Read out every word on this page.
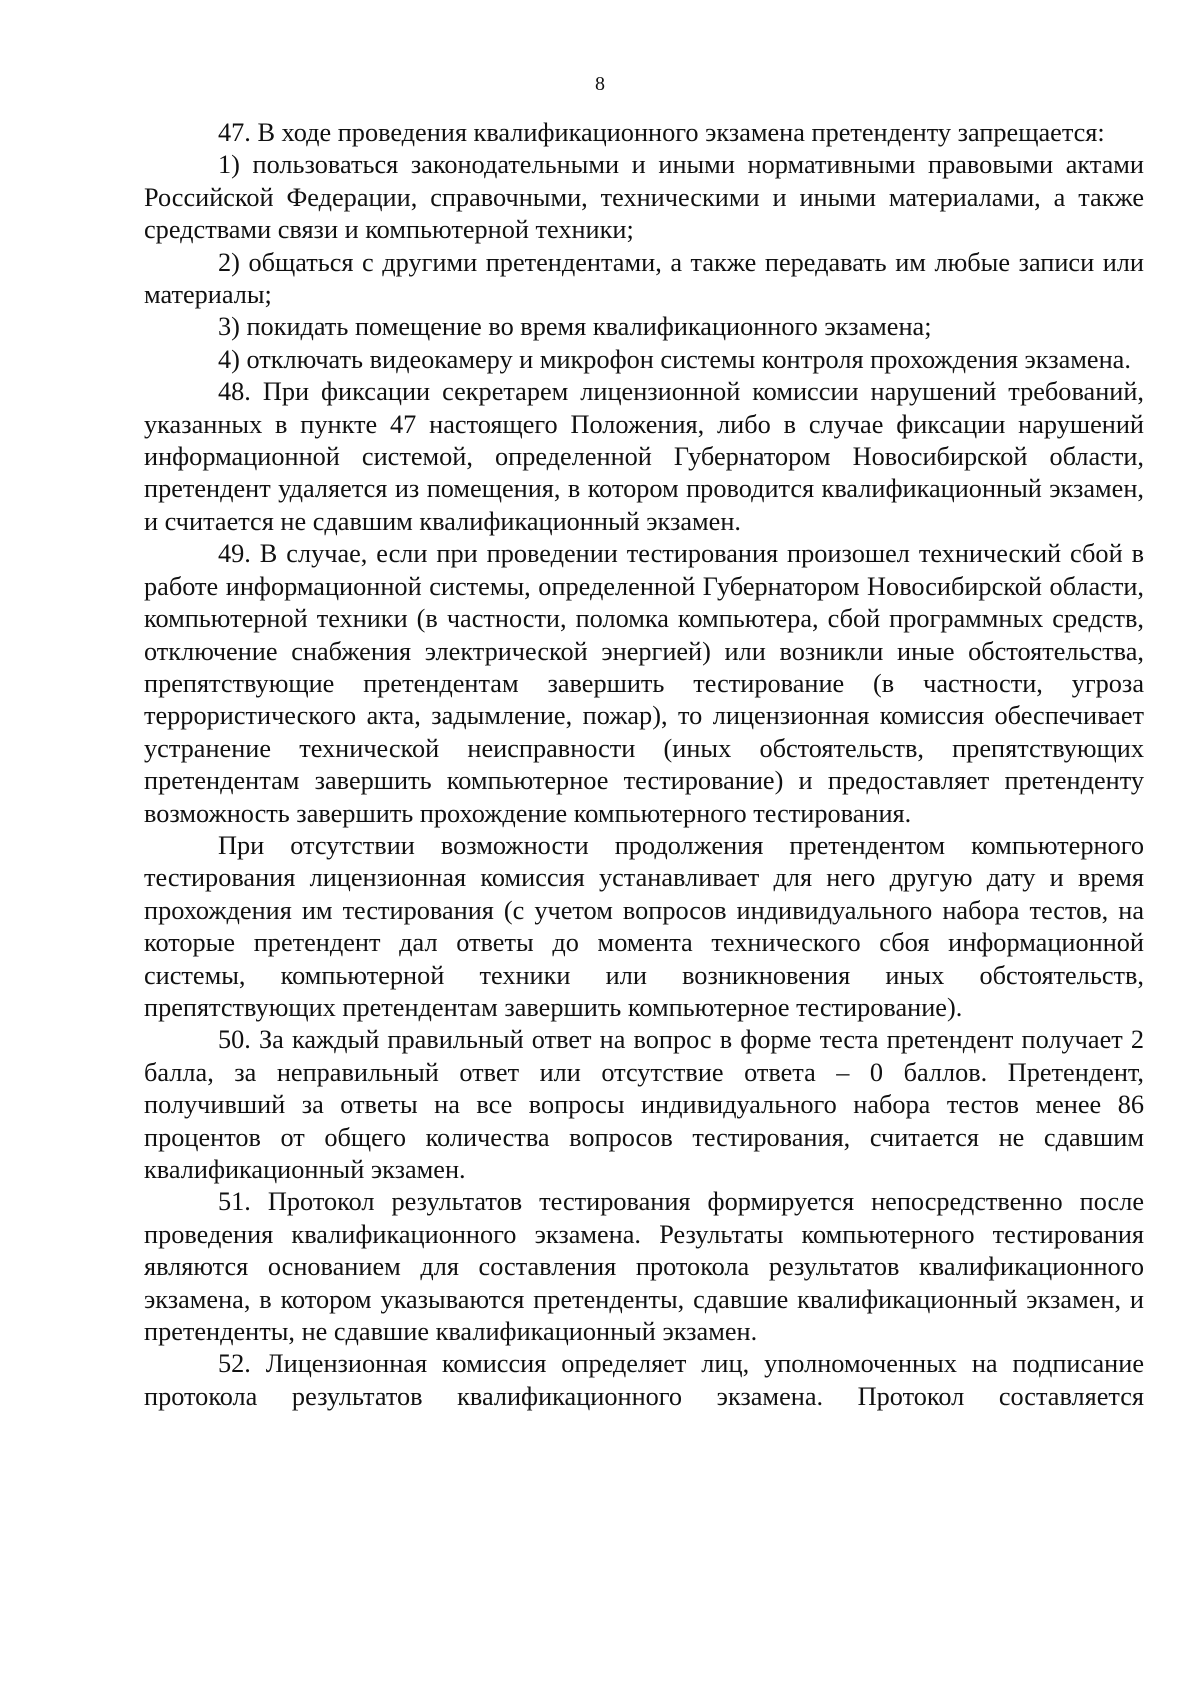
8

47. В ходе проведения квалификационного экзамена претенденту запрещается:

1) пользоваться законодательными и иными нормативными правовыми актами Российской Федерации, справочными, техническими и иными материалами, а также средствами связи и компьютерной техники;

2) общаться с другими претендентами, а также передавать им любые записи или материалы;

3) покидать помещение во время квалификационного экзамена;

4) отключать видеокамеру и микрофон системы контроля прохождения экзамена.

48. При фиксации секретарем лицензионной комиссии нарушений требований, указанных в пункте 47 настоящего Положения, либо в случае фиксации нарушений информационной системой, определенной Губернатором Новосибирской области, претендент удаляется из помещения, в котором проводится квалификационный экзамен, и считается не сдавшим квалификационный экзамен.

49. В случае, если при проведении тестирования произошел технический сбой в работе информационной системы, определенной Губернатором Новосибирской области, компьютерной техники (в частности, поломка компьютера, сбой программных средств, отключение снабжения электрической энергией) или возникли иные обстоятельства, препятствующие претендентам завершить тестирование (в частности, угроза террористического акта, задымление, пожар), то лицензионная комиссия обеспечивает устранение технической неисправности (иных обстоятельств, препятствующих претендентам завершить компьютерное тестирование) и предоставляет претенденту возможность завершить прохождение компьютерного тестирования.

При отсутствии возможности продолжения претендентом компьютерного тестирования лицензионная комиссия устанавливает для него другую дату и время прохождения им тестирования (с учетом вопросов индивидуального набора тестов, на которые претендент дал ответы до момента технического сбоя информационной системы, компьютерной техники или возникновения иных обстоятельств, препятствующих претендентам завершить компьютерное тестирование).

50. За каждый правильный ответ на вопрос в форме теста претендент получает 2 балла, за неправильный ответ или отсутствие ответа – 0 баллов. Претендент, получивший за ответы на все вопросы индивидуального набора тестов менее 86 процентов от общего количества вопросов тестирования, считается не сдавшим квалификационный экзамен.

51. Протокол результатов тестирования формируется непосредственно после проведения квалификационного экзамена. Результаты компьютерного тестирования являются основанием для составления протокола результатов квалификационного экзамена, в котором указываются претенденты, сдавшие квалификационный экзамен, и претенденты, не сдавшие квалификационный экзамен.

52. Лицензионная комиссия определяет лиц, уполномоченных на подписание протокола результатов квалификационного экзамена. Протокол составляется
